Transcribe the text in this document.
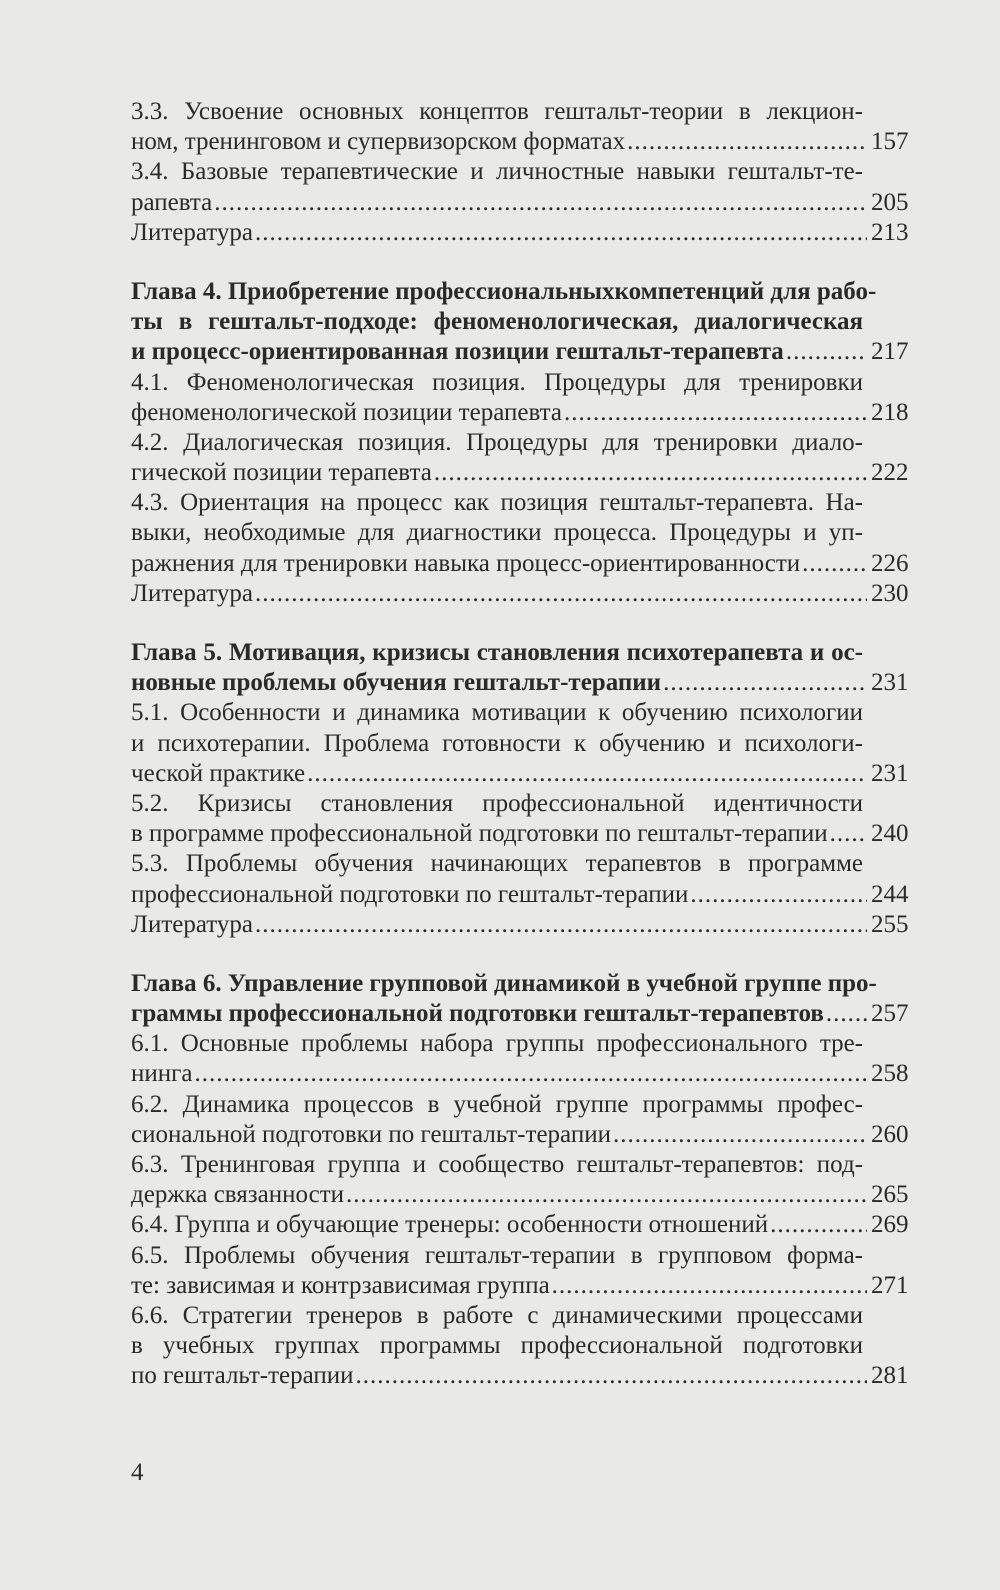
3.3. Усвоение основных концептов гештальт-теории в лекцион-
ном, тренинговом и супервизорском форматах .....	157
3.4. Базовые терапевтические и личностные навыки гештальт-те-
рапевта .....	205
Литература .....	213
Глава 4. Приобретение профессиональныхкомпетенций для рабо-
ты в гештальт-подходе: феноменологическая, диалогическая
и процесс-ориентированная позиции гештальт-терапевта .....	217
4.1. Феноменологическая позиция. Процедуры для тренировки
феноменологической позиции терапевта .....	218
4.2. Диалогическая позиция. Процедуры для тренировки диало-
гической позиции терапевта .....	222
4.3. Ориентация на процесс как позиция гештальт-терапевта. На-
выки, необходимые для диагностики процесса. Процедуры и уп-
ражнения для тренировки навыка процесс-ориентированности .....	226
Литература .....	230
Глава 5. Мотивация, кризисы становления психотерапевта и ос-
новные проблемы обучения гештальт-терапии .....	231
5.1. Особенности и динамика мотивации к обучению психологии
и психотерапии. Проблема готовности к обучению и психологи-
ческой практике .....	231
5.2. Кризисы становления профессиональной идентичности
в программе профессиональной подготовки по гештальт-терапии ..... 240
5.3. Проблемы обучения начинающих терапевтов в программе
профессиональной подготовки по гештальт-терапии .....	244
Литература .....	255
Глава 6. Управление групповой динамикой в учебной группе про-
граммы профессиональной подготовки гештальт-терапевтов ..... 257
6.1. Основные проблемы набора группы профессионального тре-
нинга .....	258
6.2. Динамика процессов в учебной группе программы профес-
сиональной подготовки по гештальт-терапии .....	260
6.3. Тренинговая группа и сообщество гештальт-терапевтов: под-
держка связанности .....	265
6.4. Группа и обучающие тренеры: особенности отношений .....	269
6.5. Проблемы обучения гештальт-терапии в групповом форма-
те: зависимая и контрзависимая группа .....	271
6.6. Стратегии тренеров в работе с динамическими процессами
в учебных группах программы профессиональной подготовки
по гештальт-терапии .....	281
4
